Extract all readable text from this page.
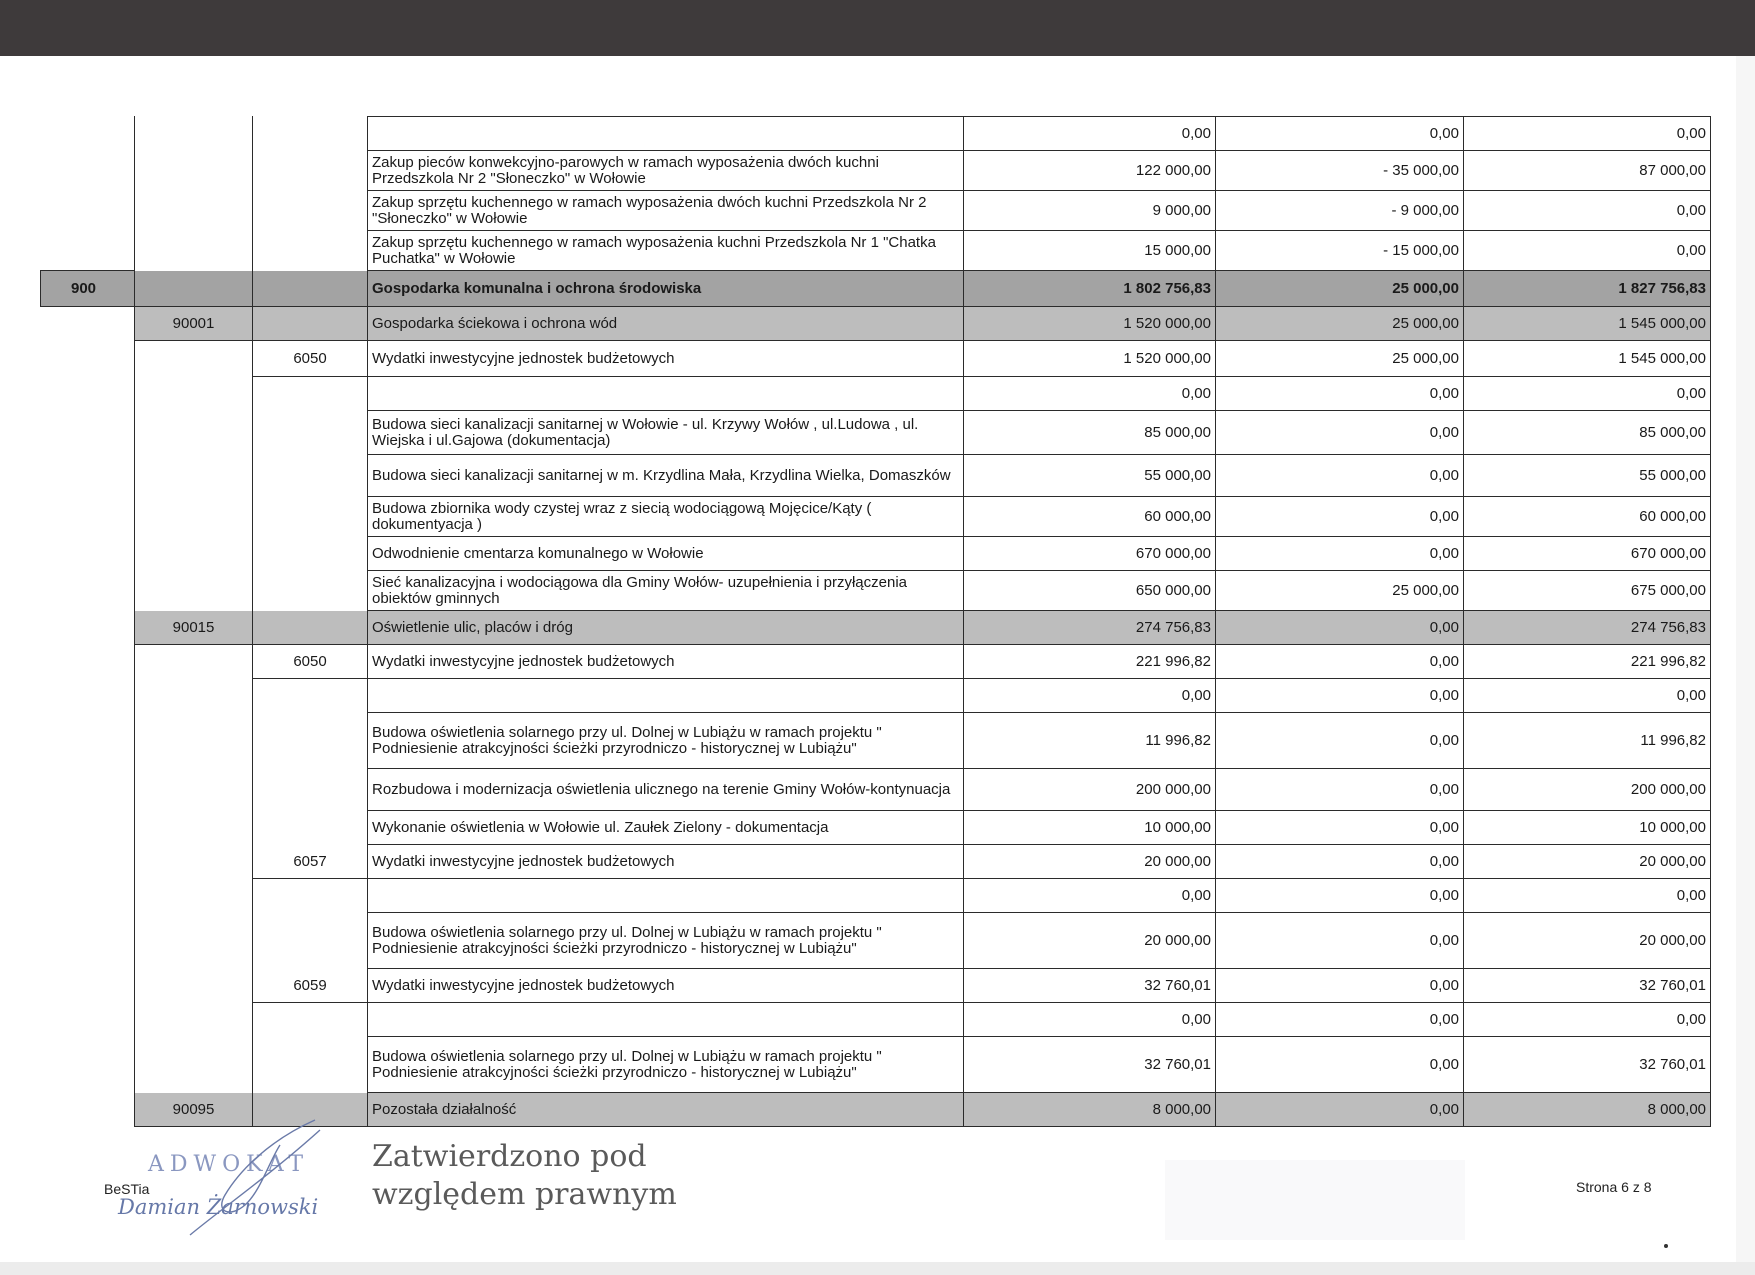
				0,00	0,00	0,00
			Zakup pieców konwekcyjno-parowych w ramach wyposażenia dwóch kuchni Przedszkola Nr 2 "Słoneczko" w Wołowie	122 000,00	- 35 000,00	87 000,00
			Zakup sprzętu kuchennego w ramach wyposażenia dwóch kuchni Przedszkola Nr 2 "Słoneczko" w Wołowie	9 000,00	- 9 000,00	0,00
			Zakup sprzętu kuchennego w ramach wyposażenia kuchni Przedszkola Nr 1 "Chatka Puchatka" w Wołowie	15 000,00	- 15 000,00	0,00
900			Gospodarka komunalna i ochrona środowiska	1 802 756,83	25 000,00	1 827 756,83
	90001		Gospodarka ściekowa i ochrona wód	1 520 000,00	25 000,00	1 545 000,00
		6050	Wydatki inwestycyjne jednostek budżetowych	1 520 000,00	25 000,00	1 545 000,00
				0,00	0,00	0,00
			Budowa sieci kanalizacji sanitarnej w Wołowie - ul. Krzywy Wołów , ul.Ludowa , ul. Wiejska i ul.Gajowa (dokumentacja)	85 000,00	0,00	85 000,00
			Budowa sieci kanalizacji sanitarnej w m. Krzydlina Mała, Krzydlina Wielka, Domaszków	55 000,00	0,00	55 000,00
			Budowa zbiornika wody czystej wraz z siecią wodociągową Mojęcice/Kąty ( dokumentyacja )	60 000,00	0,00	60 000,00
			Odwodnienie cmentarza komunalnego w Wołowie	670 000,00	0,00	670 000,00
			Sieć kanalizacyjna i wodociągowa dla Gminy Wołów- uzupełnienia i przyłączenia obiektów gminnych	650 000,00	25 000,00	675 000,00
	90015		Oświetlenie ulic, placów i dróg	274 756,83	0,00	274 756,83
		6050	Wydatki inwestycyjne jednostek budżetowych	221 996,82	0,00	221 996,82
				0,00	0,00	0,00
			Budowa oświetlenia solarnego przy ul. Dolnej w Lubiążu w ramach projektu " Podniesienie atrakcyjności ścieżki przyrodniczo - historycznej w Lubiążu"	11 996,82	0,00	11 996,82
			Rozbudowa i modernizacja oświetlenia ulicznego na terenie Gminy Wołów-kontynuacja	200 000,00	0,00	200 000,00
			Wykonanie oświetlenia w Wołowie ul. Zaułek Zielony - dokumentacja	10 000,00	0,00	10 000,00
		6057	Wydatki inwestycyjne jednostek budżetowych	20 000,00	0,00	20 000,00
				0,00	0,00	0,00
			Budowa oświetlenia solarnego przy ul. Dolnej w Lubiążu w ramach projektu " Podniesienie atrakcyjności ścieżki przyrodniczo - historycznej w Lubiążu"	20 000,00	0,00	20 000,00
		6059	Wydatki inwestycyjne jednostek budżetowych	32 760,01	0,00	32 760,01
				0,00	0,00	0,00
			Budowa oświetlenia solarnego przy ul. Dolnej w Lubiążu w ramach projektu " Podniesienie atrakcyjności ścieżki przyrodniczo - historycznej w Lubiążu"	32 760,01	0,00	32 760,01
	90095		Pozostała działalność	8 000,00	0,00	8 000,00
BeSTia	Strona 6 z 8
ADWOKAT
Damian Żarnowski
Zatwierdzono pod
względem prawnym
